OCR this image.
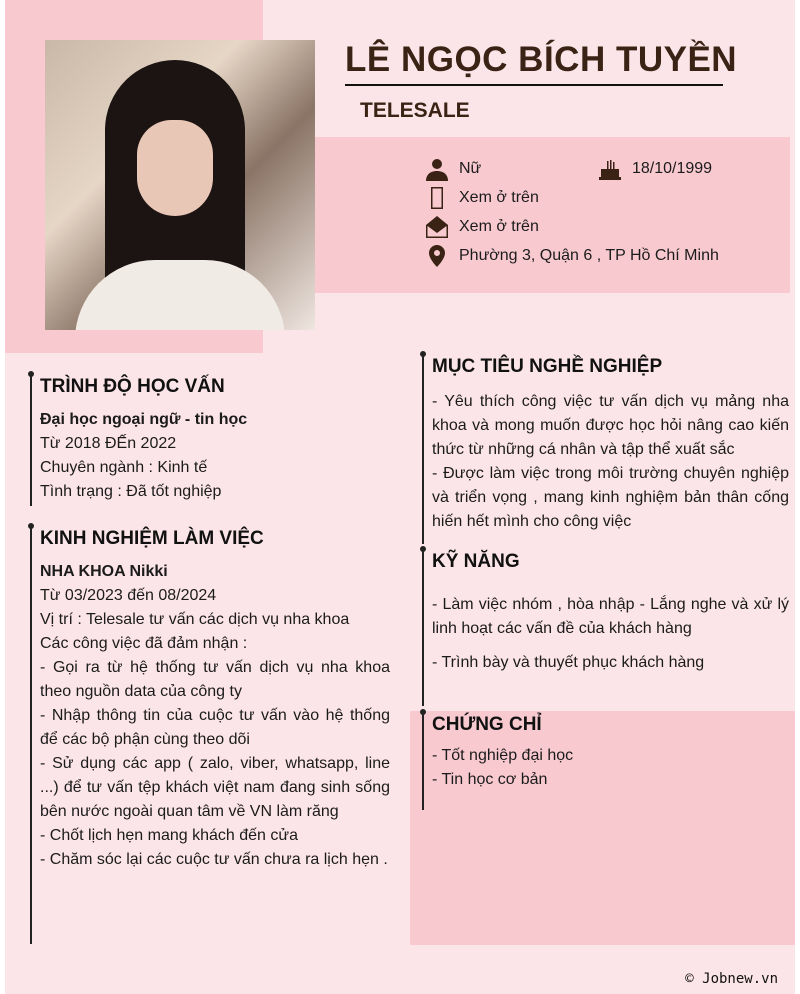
LÊ NGỌC BÍCH TUYỀN
TELESALE
Nữ	18/10/1999
Xem ở trên
Xem ở trên
Phường 3, Quận 6 , TP Hồ Chí Minh
TRÌNH ĐỘ HỌC VẤN

Đại học ngoại ngữ - tin học

Từ 2018 ĐẾn 2022

Chuyên ngành : Kinh tế

Tình trạng : Đã tốt nghiệp

KINH NGHIỆM LÀM VIỆC

NHA KHOA Nikki

Từ 03/2023 đến 08/2024

Vị trí : Telesale tư vấn các dịch vụ nha khoa

Các công việc đã đảm nhận :

- Gọi ra từ hệ thống tư vấn dịch vụ nha khoa theo nguồn data của công ty

- Nhập thông tin của cuộc tư vấn vào hệ thống để các bộ phận cùng theo dõi

- Sử dụng các app ( zalo, viber, whatsapp, line ...) để tư vấn tệp khách việt nam đang sinh sống bên nước ngoài quan tâm về VN làm răng

- Chốt lịch hẹn mang khách đến cửa

- Chăm sóc lại các cuộc tư vấn chưa ra lịch hẹn .

MỤC TIÊU NGHỀ NGHIỆP

- Yêu thích công việc tư vấn dịch vụ mảng nha khoa và mong muốn được học hỏi nâng cao kiến thức từ những cá nhân và tập thể xuất sắc

- Được làm việc trong môi trường chuyên nghiệp và triển vọng , mang kinh nghiệm bản thân cống hiến hết mình cho công việc

KỸ NĂNG

- Làm việc nhóm , hòa nhập - Lắng nghe và xử lý linh hoạt các vấn đề của khách hàng

- Trình bày và thuyết phục khách hàng

CHỨNG CHỈ

- Tốt nghiệp đại học

- Tin học cơ bản

© Jobnew.vn
